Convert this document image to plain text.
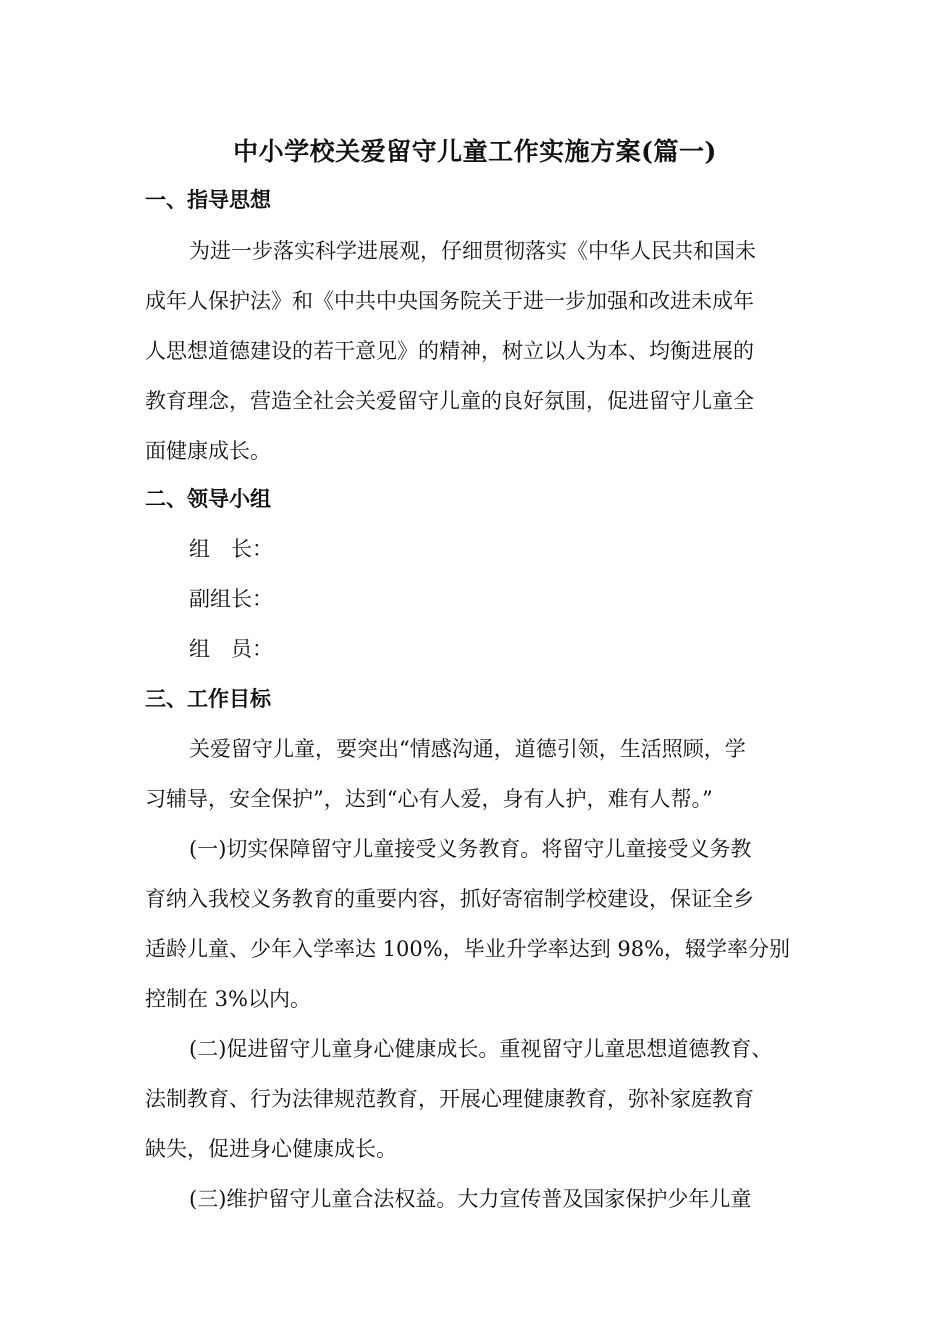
中小学校关爱留守儿童工作实施方案(篇一)
一、指导思想
为进一步落实科学进展观，仔细贯彻落实《中华人民共和国未
成年人保护法》和《中共中央国务院关于进一步加强和改进未成年
人思想道德建设的若干意见》的精神，树立以人为本、均衡进展的
教育理念，营造全社会关爱留守儿童的良好氛围，促进留守儿童全
面健康成长。
二、领导小组

组　长：

副组长：

组　员：

三、工作目标
关爱留守儿童，要突出“情感沟通，道德引领，生活照顾，学
习辅导，安全保护”，达到“心有人爱，身有人护，难有人帮。”
(一)切实保障留守儿童接受义务教育。将留守儿童接受义务教
育纳入我校义务教育的重要内容，抓好寄宿制学校建设，保证全乡
适龄儿童、少年入学率达 100%，毕业升学率达到 98%，辍学率分别
控制在 3%以内。
(二)促进留守儿童身心健康成长。重视留守儿童思想道德教育、
法制教育、行为法律规范教育，开展心理健康教育，弥补家庭教育
缺失，促进身心健康成长。
(三)维护留守儿童合法权益。大力宣传普及国家保护少年儿童
